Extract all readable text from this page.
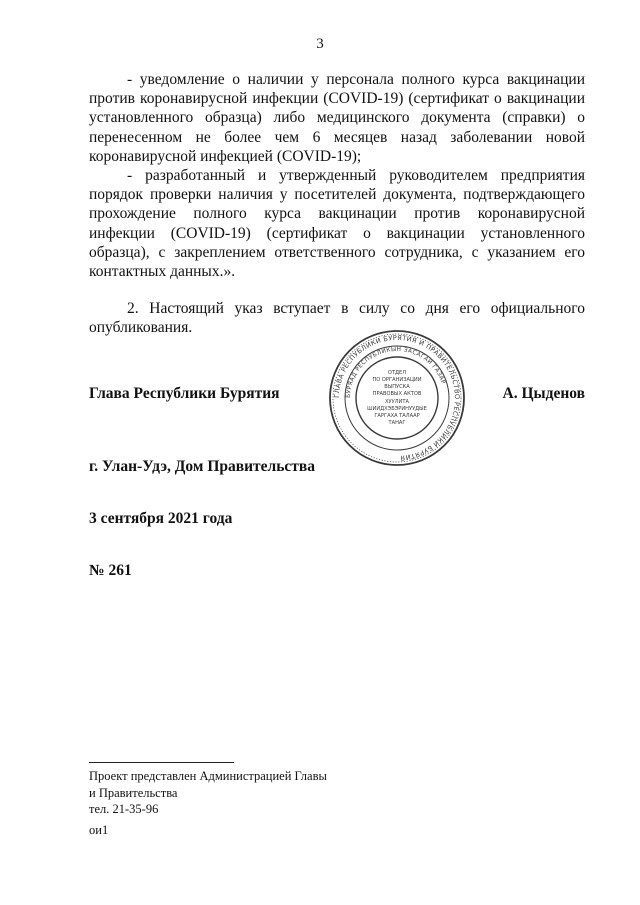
3

- уведомление о наличии у персонала полного курса вакцинации против коронавирусной инфекции (COVID-19) (сертификат о вакцинации установленного образца) либо медицинского документа (справки) о перенесенном не более чем 6 месяцев назад заболевании новой коронавирусной инфекцией (COVID-19);

- разработанный и утвержденный руководителем предприятия порядок проверки наличия у посетителей документа, подтверждающего прохождение полного курса вакцинации против коронавирусной инфекции (COVID-19) (сертификат о вакцинации установленного образца), с закреплением ответственного сотрудника, с указанием его контактных данных.».

2. Настоящий указ вступает в силу со дня его официального опубликования.

Глава Республики Бурятия	А. Цыденов
ГЛАВА РЕСПУБЛИКИ БУРЯТИЯ И ПРАВИТЕЛЬСТВО РЕСПУБЛИКИ БУРЯТИЯ
БУРЯАД РЕСПУБЛИКЫН ЗАСАГАЙ ГАЗАР
ОТДЕЛ
ПО ОРГАНИЗАЦИИ
ВЫПУСКА
ПРАВОВЫХ АКТОВ
ХУУЛИТА
ШИИДХЭБЭРИНУУДЫЕ
ГАРГАХА ТАЛААР
ТАНАГ
г. Улан-Удэ, Дом Правительства
3 сентября 2021 года
№ 261
Проект представлен Администрацией Главы
и Правительства
тел. 21-35-96
ои1
